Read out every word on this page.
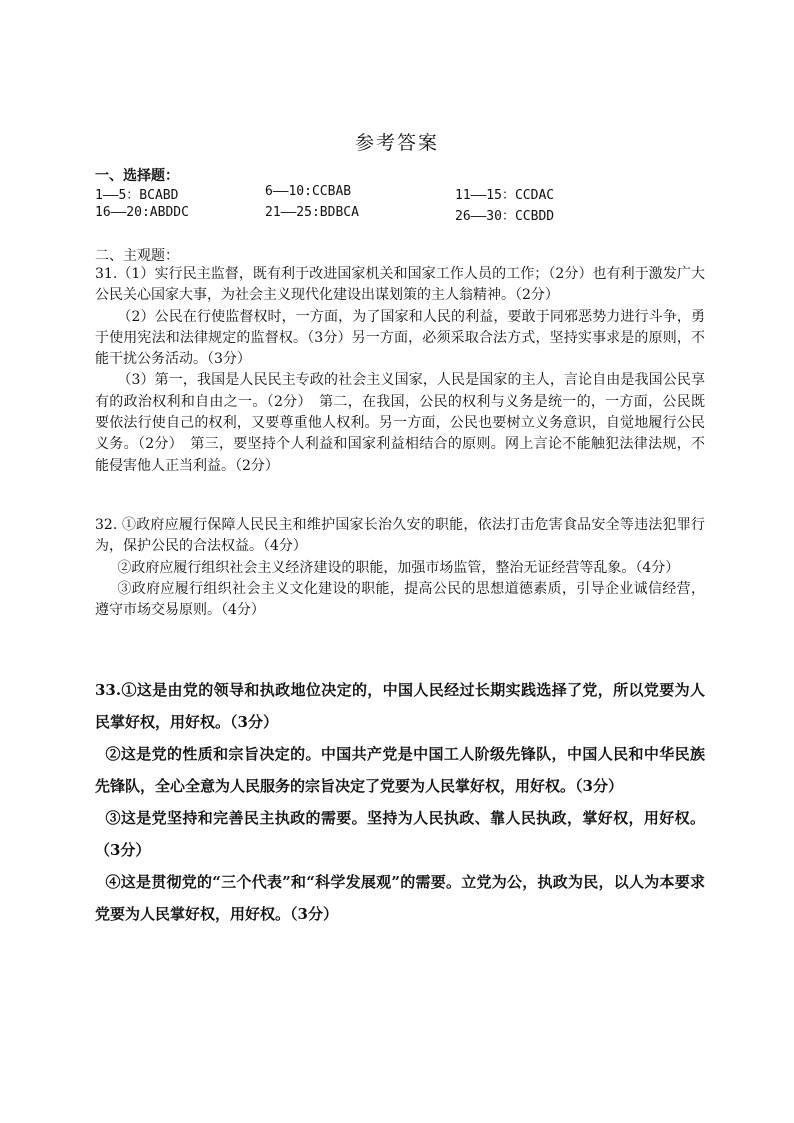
参考答案
一、选择题：
1——5：BCABD	6——10:CCBAB	11——15：CCDAC
16——20:ABDDC	21——25:BDBCA	26——30：CCBDD
二、主观题：

31.（1）实行民主监督，既有利于改进国家机关和国家工作人员的工作；（2分）也有利于激发广大公民关心国家大事，为社会主义现代化建设出谋划策的主人翁精神。（2分）

（2）公民在行使监督权时，一方面，为了国家和人民的利益，要敢于同邪恶势力进行斗争，勇于使用宪法和法律规定的监督权。（3分）另一方面，必须采取合法方式，坚持实事求是的原则，不能干扰公务活动。（3分）

（3）第一，我国是人民民主专政的社会主义国家，人民是国家的主人，言论自由是我国公民享有的政治权利和自由之一。（2分）　第二，在我国，公民的权利与义务是统一的，一方面，公民既要依法行使自己的权利，又要尊重他人权利。另一方面，公民也要树立义务意识，自觉地履行公民义务。（2分）　第三，要坚持个人利益和国家利益相结合的原则。网上言论不能触犯法律法规，不能侵害他人正当利益。（2分）

32. ①政府应履行保障人民民主和维护国家长治久安的职能，依法打击危害食品安全等违法犯罪行为，保护公民的合法权益。（4分）

②政府应履行组织社会主义经济建设的职能，加强市场监管，整治无证经营等乱象。（4分）

③政府应履行组织社会主义文化建设的职能，提高公民的思想道德素质，引导企业诚信经营，遵守市场交易原则。（4分）

33.①这是由党的领导和执政地位决定的，中国人民经过长期实践选择了党，所以党要为人民掌好权，用好权。（3分）

②这是党的性质和宗旨决定的。中国共产党是中国工人阶级先锋队，中国人民和中华民族先锋队，全心全意为人民服务的宗旨决定了党要为人民掌好权，用好权。（3分）

③这是党坚持和完善民主执政的需要。坚持为人民执政、靠人民执政，掌好权，用好权。（3分）

④这是贯彻党的“三个代表”和“科学发展观”的需要。立党为公，执政为民，以人为本要求党要为人民掌好权，用好权。（3分）
